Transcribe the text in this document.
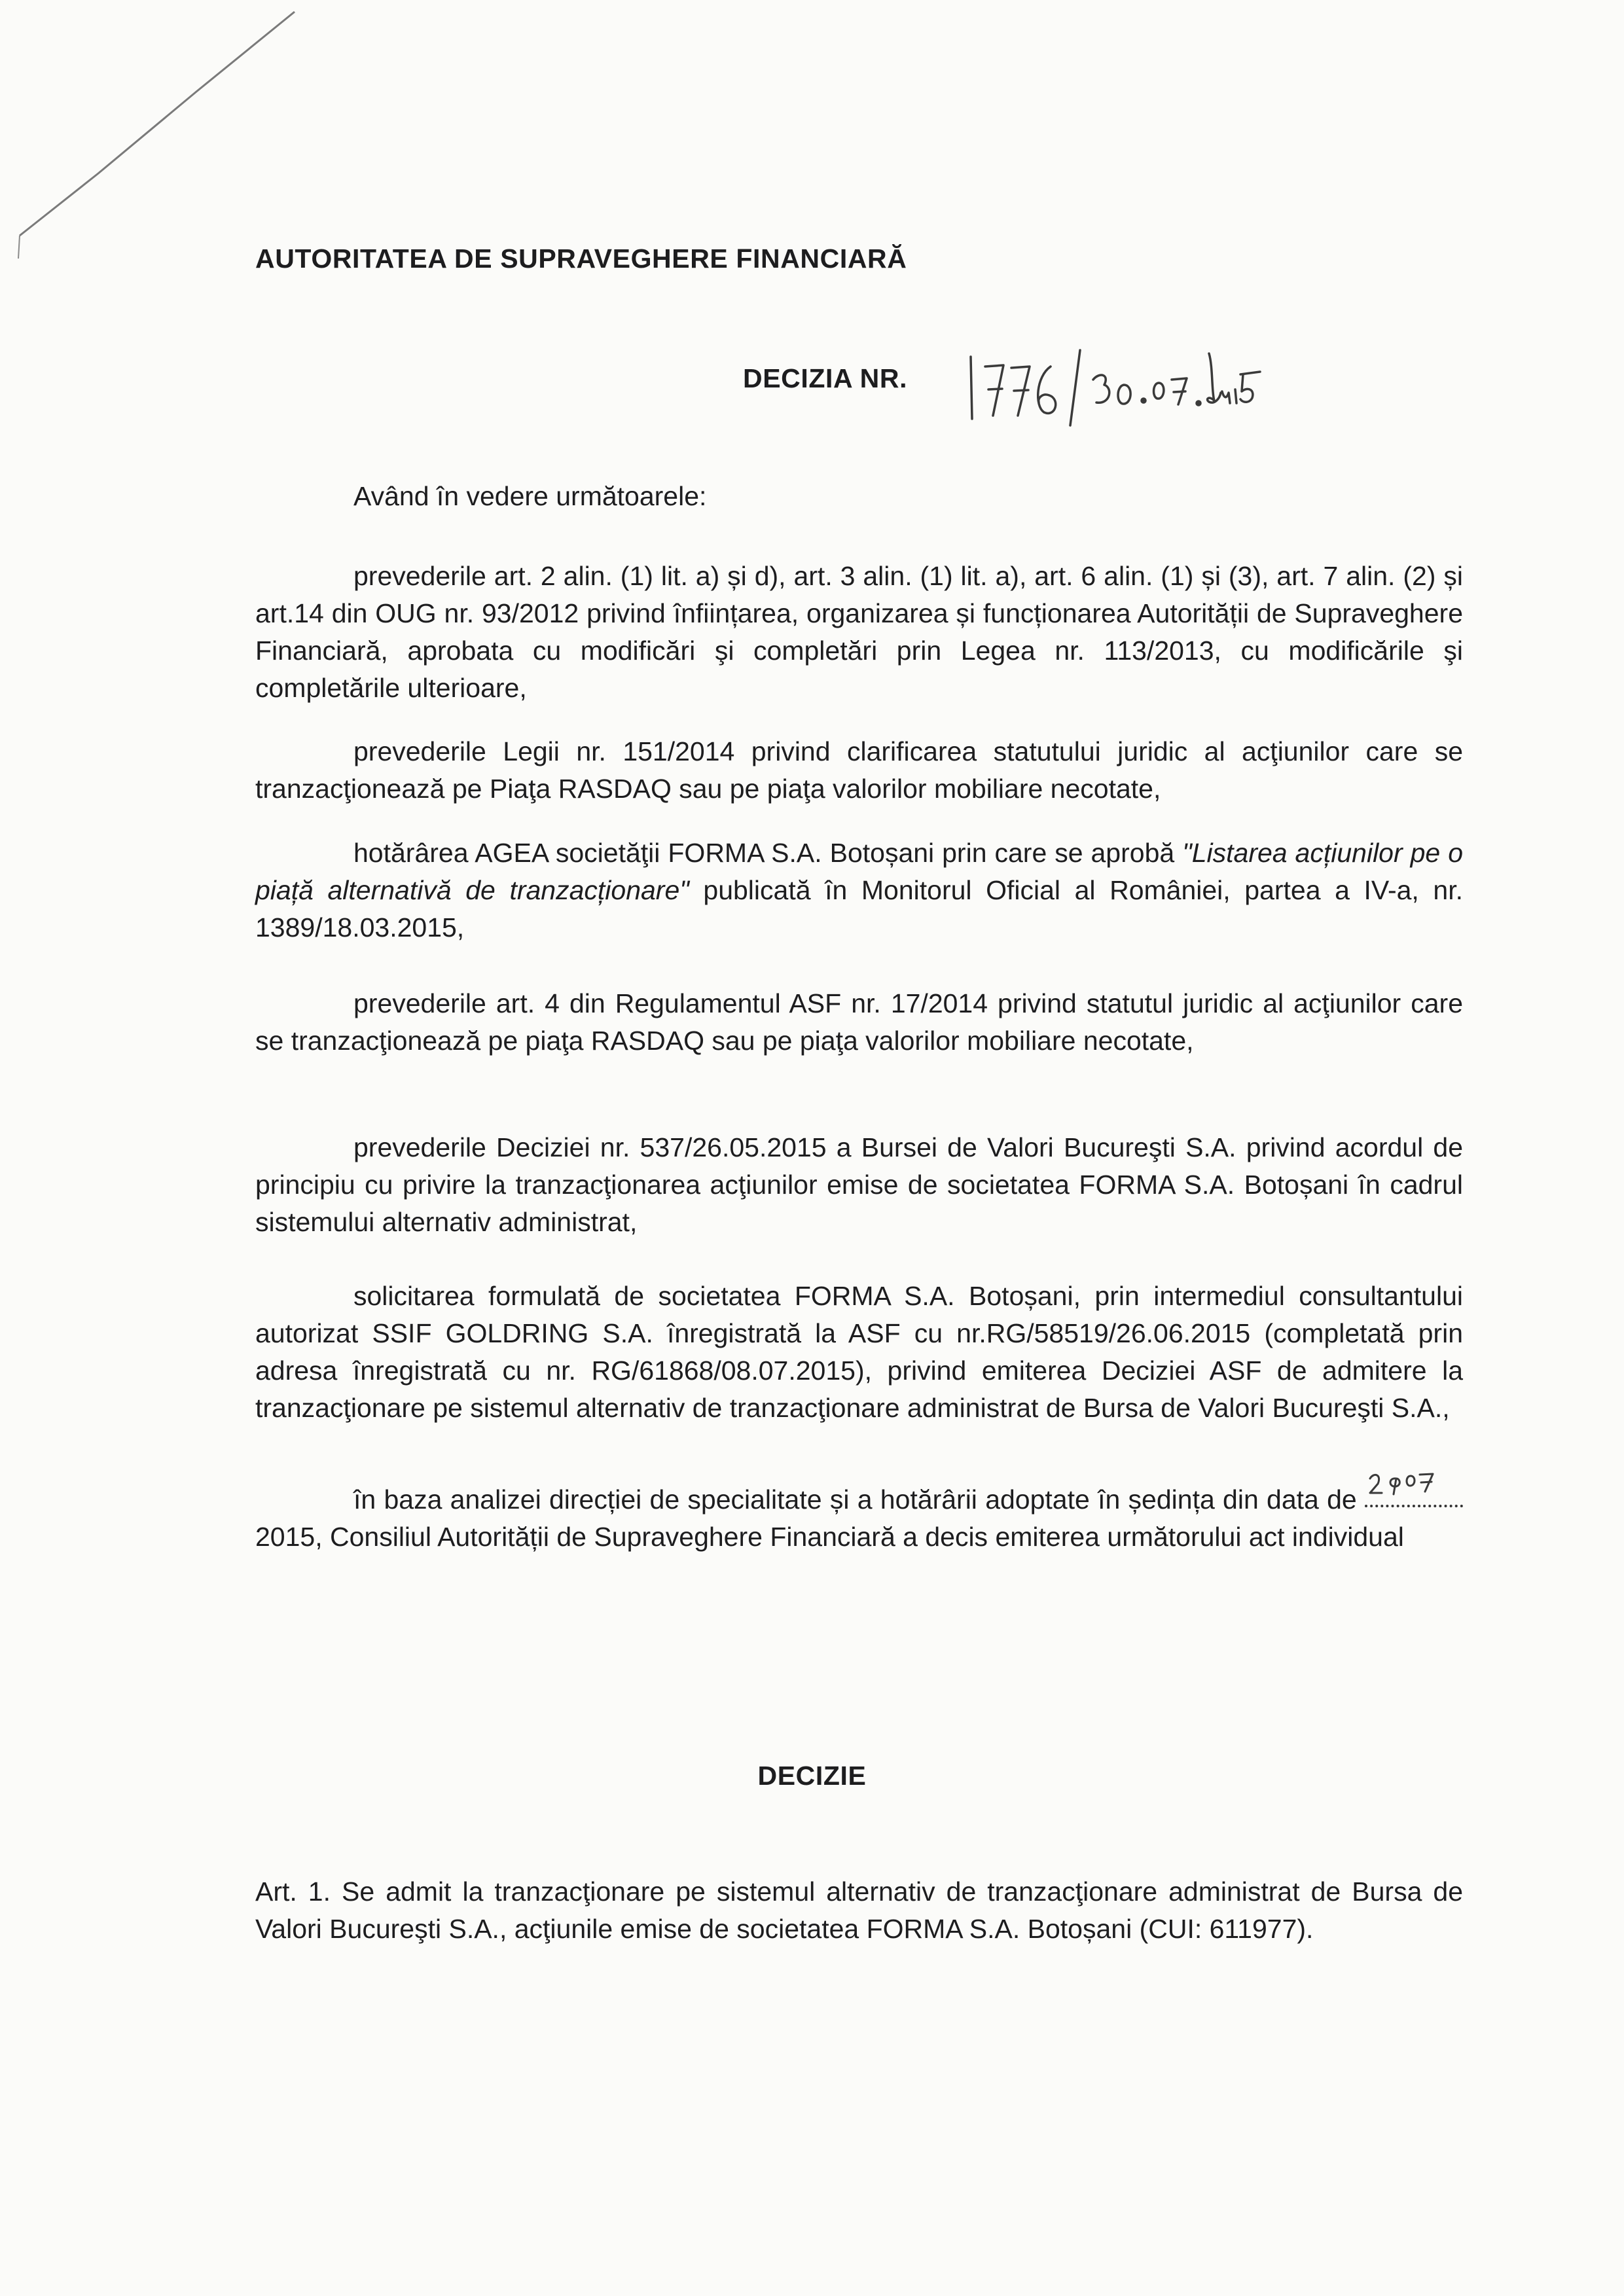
AUTORITATEA DE SUPRAVEGHERE FINANCIARĂ
DECIZIA NR.

Având în vedere următoarele:

prevederile art. 2 alin. (1) lit. a) și d), art. 3 alin. (1) lit. a), art. 6 alin. (1) și (3), art. 7 alin. (2) și art.14 din OUG nr. 93/2012 privind înființarea, organizarea și funcționarea Autorității de Supraveghere Financiară, aprobata cu modificări şi completări prin Legea nr. 113/2013, cu modificările şi completările ulterioare,

prevederile Legii nr. 151/2014 privind clarificarea statutului juridic al acţiunilor care se tranzacţionează pe Piaţa RASDAQ sau pe piaţa valorilor mobiliare necotate,

hotărârea AGEA societăţii FORMA S.A. Botoșani prin care se aprobă "Listarea acțiunilor pe o piață alternativă de tranzacționare" publicată în Monitorul Oficial al României, partea a IV-a, nr. 1389/18.03.2015,

prevederile art. 4 din Regulamentul ASF nr. 17/2014 privind statutul juridic al acţiunilor care se tranzacţionează pe piaţa RASDAQ sau pe piaţa valorilor mobiliare necotate,

prevederile Deciziei nr. 537/26.05.2015 a Bursei de Valori Bucureşti S.A. privind acordul de principiu cu privire la tranzacţionarea acţiunilor emise de societatea FORMA S.A. Botoșani în cadrul sistemului alternativ administrat,

solicitarea formulată de societatea FORMA S.A. Botoșani, prin intermediul consultantului autorizat SSIF GOLDRING S.A. înregistrată la ASF cu nr.RG/58519/26.06.2015 (completată prin adresa înregistrată cu nr. RG/61868/08.07.2015), privind emiterea Deciziei ASF de admitere la tranzacţionare pe sistemul alternativ de tranzacţionare administrat de Bursa de Valori Bucureşti S.A.,

în baza analizei direcției de specialitate și a hotărârii adoptate în ședința din data de
2015, Consiliul Autorității de Supraveghere Financiară a decis emiterea următorului act individual

DECIZIE

Art. 1. Se admit la tranzacţionare pe sistemul alternativ de tranzacţionare administrat de Bursa de Valori Bucureşti S.A., acţiunile emise de societatea FORMA S.A. Botoșani (CUI: 611977).
